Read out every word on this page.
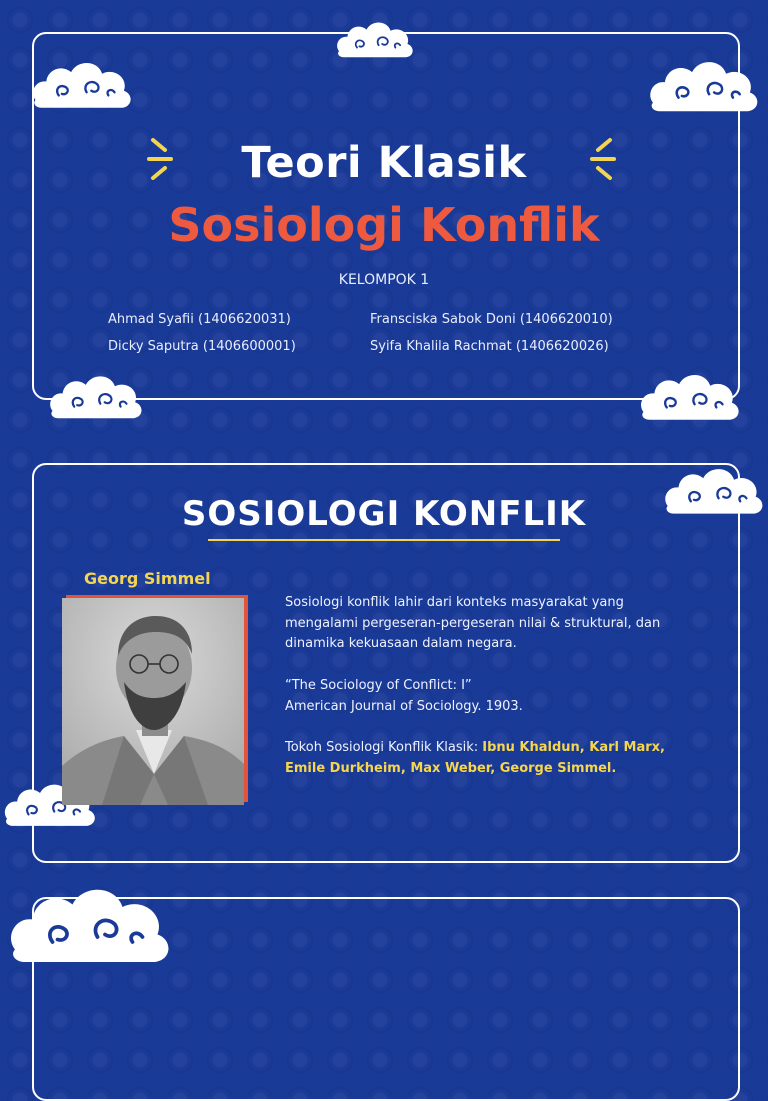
Teori Klasik
Sosiologi Konflik
KELOMPOK 1
Ahmad Syafii (1406620031)	Fransciska Sabok Doni (1406620010)
Dicky Saputra (1406600001)	Syifa Khalila Rachmat (1406620026)
SOSIOLOGI KONFLIK
Georg Simmel
Sosiologi konflik lahir dari konteks masyarakat yang mengalami pergeseran-pergeseran nilai & struktural, dan dinamika kekuasaan dalam negara.
“The Sociology of Conflict: I”
American Journal of Sociology. 1903.
Tokoh Sosiologi Konflik Klasik: Ibnu Khaldun, Karl Marx, Emile Durkheim, Max Weber, George Simmel.
